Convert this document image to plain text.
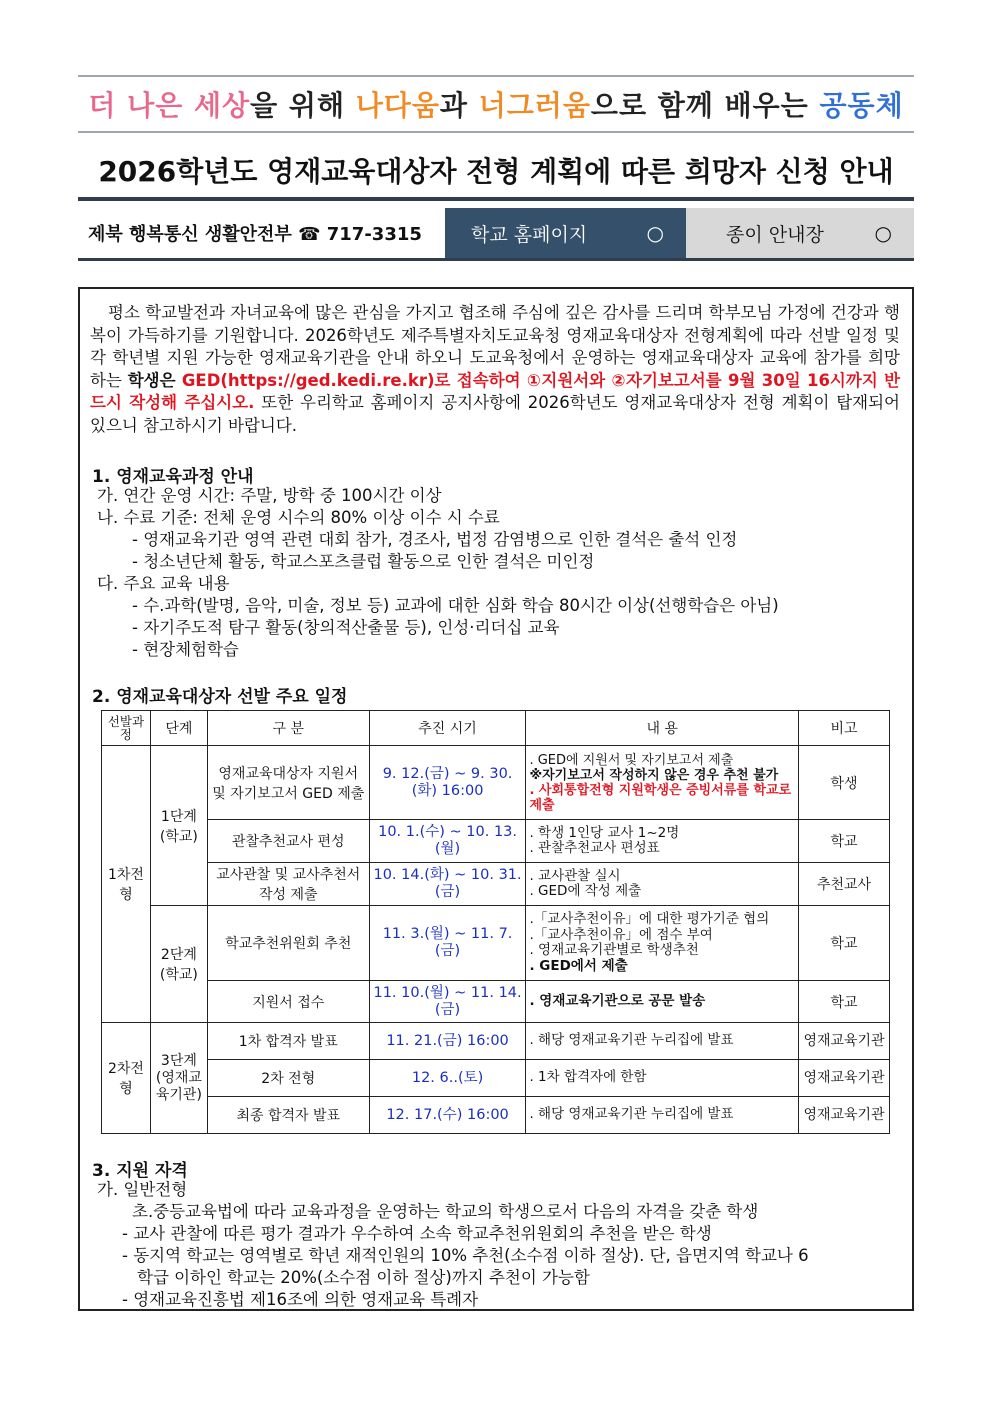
더 나은 세상을 위해 나다움과 너그러움으로 함께 배우는 공동체
2026학년도 영재교육대상자 전형 계획에 따른 희망자 신청 안내
제북 행복통신 생활안전부 ☎ 717-3315	학교 홈페이지	○	종이 안내장	○
평소 학교발전과 자녀교육에 많은 관심을 가지고 협조해 주심에 깊은 감사를 드리며 학부모님 가정에 건강과 행복이 가득하기를 기원합니다. 2026학년도 제주특별자치도교육청 영재교육대상자 전형계획에 따라 선발 일정 및 각 학년별 지원 가능한 영재교육기관을 안내 하오니 도교육청에서 운영하는 영재교육대상자 교육에 참가를 희망하는 학생은 GED(https://ged.kedi.re.kr)로 접속하여 ①지원서와 ②자기보고서를 9월 30일 16시까지 반드시 작성해 주십시오. 또한 우리학교 홈페이지 공지사항에 2026학년도 영재교육대상자 전형 계획이 탑재되어 있으니 참고하시기 바랍니다.
1. 영재교육과정 안내
가. 연간 운영 시간: 주말, 방학 중 100시간 이상
나. 수료 기준: 전체 운영 시수의 80% 이상 이수 시 수료
- 영재교육기관 영역 관련 대회 참가, 경조사, 법정 감염병으로 인한 결석은 출석 인정
- 청소년단체 활동, 학교스포츠클럽 활동으로 인한 결석은 미인정
다. 주요 교육 내용
- 수.과학(발명, 음악, 미술, 정보 등) 교과에 대한 심화 학습 80시간 이상(선행학습은 아님)
- 자기주도적 탐구 활동(창의적산출물 등), 인성·리더십 교육
- 현장체험학습
2. 영재교육대상자 선발 주요 일정
선발과정	단계	구 분	추진 시기	내 용	비고
1차전형	1단계(학교)	영재교육대상자 지원서 및 자기보고서 GED 제출	9. 12.(금) ~ 9. 30.(화) 16:00	. GED에 지원서 및 자기보고서 제출
※자기보고서 작성하지 않은 경우 추천 불가
. 사회통합전형 지원학생은 증빙서류를 학교로 제출	학생
		관찰추천교사 편성	10. 1.(수) ~ 10. 13.(월)	. 학생 1인당 교사 1~2명
. 관찰추천교사 편성표	학교
		교사관찰 및 교사추천서 작성 제출	10. 14.(화) ~ 10. 31.(금)	. 교사관찰 실시
. GED에 작성 제출	추천교사
	2단계(학교)	학교추천위원회 추천	11. 3.(월) ~ 11. 7.(금)	.「교사추천이유」에 대한 평가기준 협의
.「교사추천이유」에 점수 부여
. 영재교육기관별로 학생추천
. GED에서 제출	학교
		지원서 접수	11. 10.(월) ~ 11. 14.(금)	. 영재교육기관으로 공문 발송	학교
2차전형	3단계(영재교육기관)	1차 합격자 발표	11. 21.(금) 16:00	. 해당 영재교육기관 누리집에 발표	영재교육기관
		2차 전형	12. 6..(토)	. 1차 합격자에 한함	영재교육기관
		최종 합격자 발표	12. 17.(수) 16:00	. 해당 영재교육기관 누리집에 발표	영재교육기관
3. 지원 자격
가. 일반전형
초.중등교육법에 따라 교육과정을 운영하는 학교의 학생으로서 다음의 자격을 갖춘 학생
- 교사 관찰에 따른 평가 결과가 우수하여 소속 학교추천위원회의 추천을 받은 학생
- 동지역 학교는 영역별로 학년 재적인원의 10% 추천(소수점 이하 절상). 단, 읍면지역 학교나 6
학급 이하인 학교는 20%(소수점 이하 절상)까지 추천이 가능함
- 영재교육진흥법 제16조에 의한 영재교육 특례자
